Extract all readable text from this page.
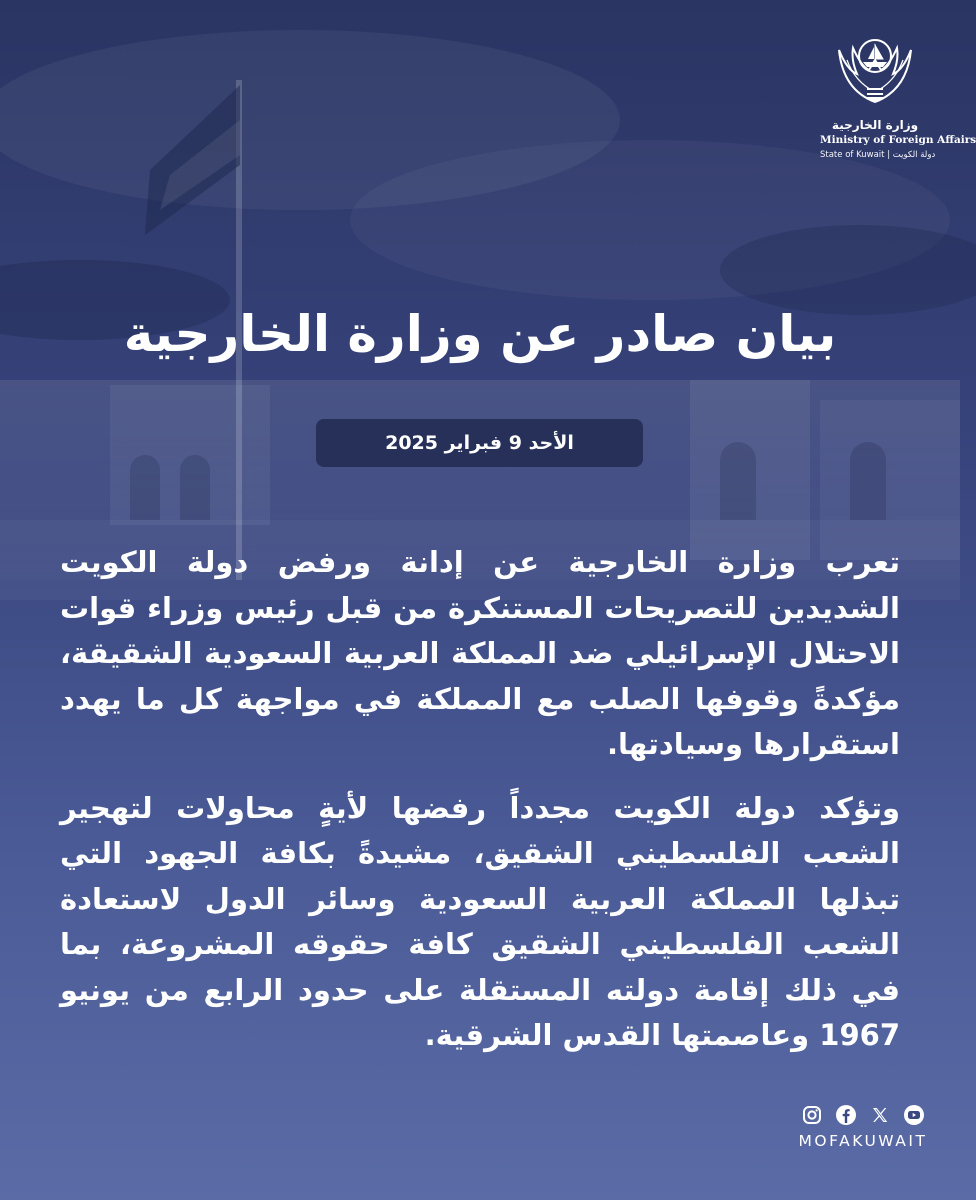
وزارة الخارجية
Ministry of Foreign Affairs
State of Kuwait | دولة الكويت
بيان صادر عن وزارة الخارجية
الأحد 9 فبراير 2025

تعرب وزارة الخارجية عن إدانة ورفض دولة الكويت الشديدين للتصريحات المستنكرة من قبل رئيس وزراء قوات الاحتلال الإسرائيلي ضد المملكة العربية السعودية الشقيقة، مؤكدةً وقوفها الصلب مع المملكة في مواجهة كل ما يهدد استقرارها وسيادتها.

وتؤكد دولة الكويت مجدداً رفضها لأيةٍ محاولات لتهجير الشعب الفلسطيني الشقيق، مشيدةً بكافة الجهود التي تبذلها المملكة العربية السعودية وسائر الدول لاستعادة الشعب الفلسطيني الشقيق كافة حقوقه المشروعة، بما في ذلك إقامة دولته المستقلة على حدود الرابع من يونيو 1967 وعاصمتها القدس الشرقية.

MOFAKUWAIT
